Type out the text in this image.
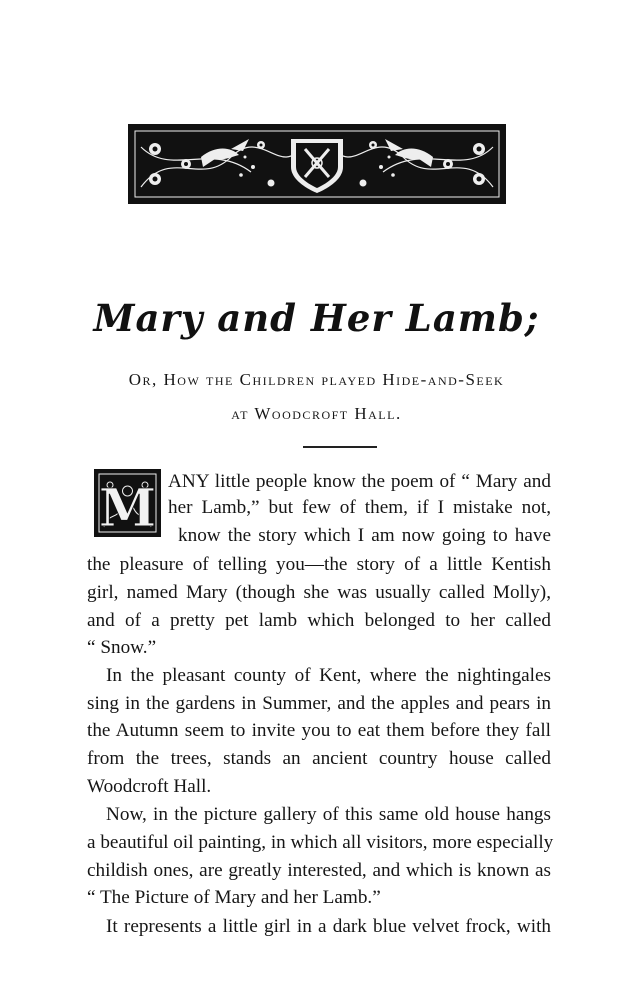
Mary and Her Lamb;
Or, How the Children played Hide-and-Seek
at Woodcroft Hall.
M ANY little people know the poem of “ Mary and
her Lamb,” but few of them, if I mistake not,
know the story which I am now going to have
the pleasure of telling you—the story of a little Kentish
girl, named Mary (though she was usually called Molly),
and of a pretty pet lamb which belonged to her called
“ Snow.”
In the pleasant county of Kent, where the nightingales
sing in the gardens in Summer, and the apples and pears in
the Autumn seem to invite you to eat them before they fall
from the trees, stands an ancient country house called
Woodcroft Hall.
Now, in the picture gallery of this same old house hangs
a beautiful oil painting, in which all visitors, more especially
childish ones, are greatly interested, and which is known as
“ The Picture of Mary and her Lamb.”
It represents a little girl in a dark blue velvet frock, with
